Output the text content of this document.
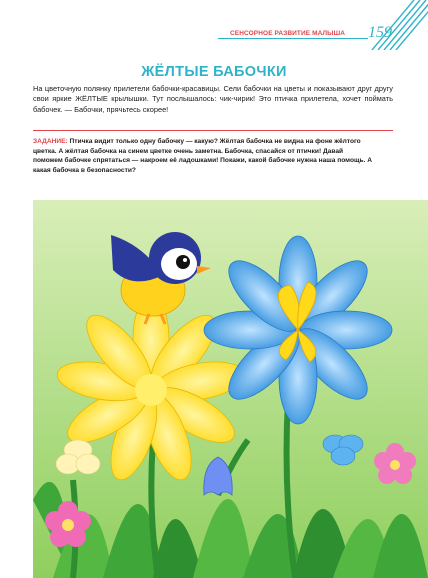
СЕНСОРНОЕ РАЗВИТИЕ МАЛЫША 159
ЖЁЛТЫЕ БАБОЧКИ
На цветочную полянку прилетели бабочки-красавицы. Сели бабочки на цветы и показывают друг другу свои яркие ЖЁЛТЫЕ крылышки. Тут послышалось: чик-чирик! Это птичка прилетела, хочет поймать бабочек. — Бабочки, прячьтесь скорее!
ЗАДАНИЕ: Птичка видит только одну бабочку — какую? Жёлтая бабочка не видна на фоне жёлтого цветка. А жёлтая бабочка на синем цветке очень заметна. Бабочка, спасайся от птички! Давай поможем бабочке спрятаться — накроем её ладошками! Покажи, какой бабочке нужна наша помощь. А какая бабочка в безопасности?
